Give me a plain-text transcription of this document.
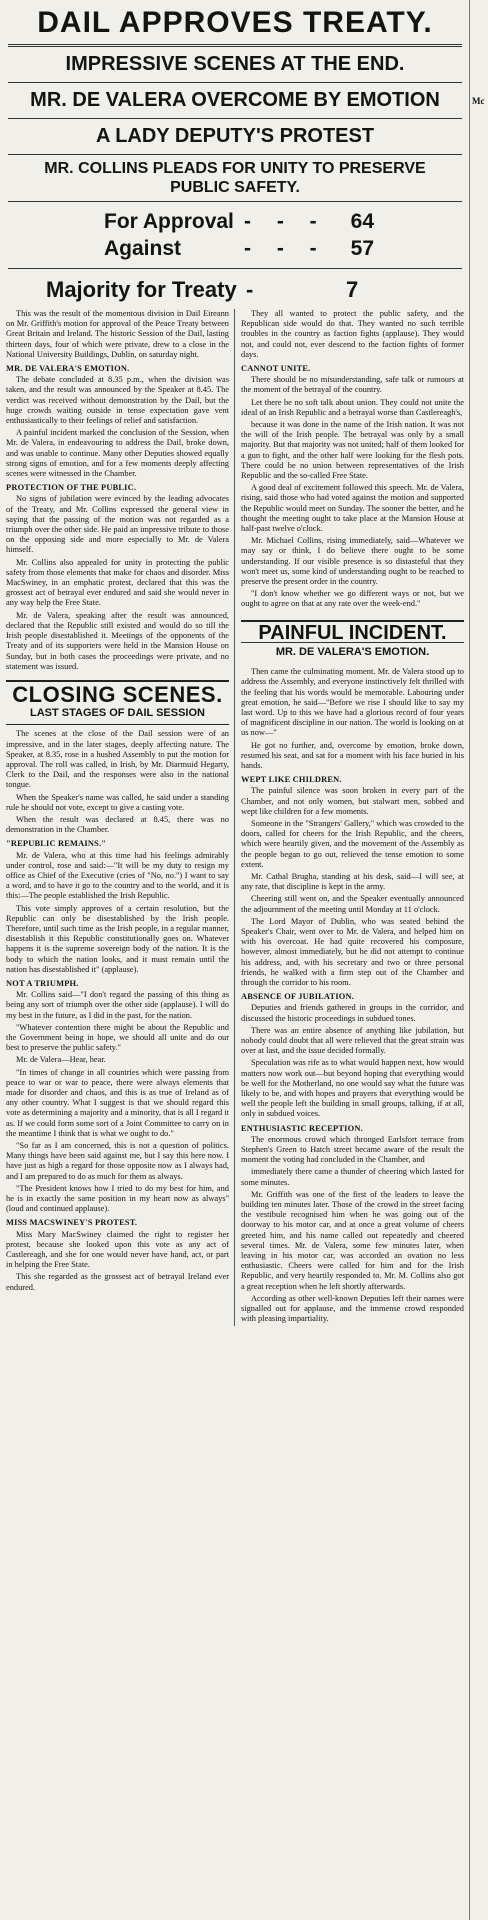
DAIL APPROVES TREATY.
IMPRESSIVE SCENES AT THE END.
MR. DE VALERA OVERCOME BY EMOTION
A LADY DEPUTY'S PROTEST
MR. COLLINS PLEADS FOR UNITY TO PRESERVE PUBLIC SAFETY.
For Approval - - -	64
Against	- - -	57
Majority for Treaty -	7

This was the result of the momentous division in Dail Eireann on Mr. Griffith's motion for approval of the Peace Treaty between Great Britain and Ireland. The historic Session of the Dail, lasting thirteen days, four of which were private, drew to a close in the National University Buildings, Dublin, on saturday night.

MR. DE VALERA'S EMOTION.

The debate concluded at 8.35 p.m., when the division was taken, and the result was announced by the Speaker at 8.45. The verdict was received without demonstration by the Dail, but the huge crowds waiting outside in tense expectation gave vent enthusiastically to their feelings of relief and satisfaction.

A painful incident marked the conclusion of the Session, when Mr. de Valera, in endeavouring to address the Dail, broke down, and was unable to continue. Many other Deputies showed equally strong signs of emotion, and for a few moments deeply affecting scenes were witnessed in the Chamber.

PROTECTION OF THE PUBLIC.

No signs of jubilation were evinced by the leading advocates of the Treaty, and Mr. Collins expressed the general view in saying that the passing of the motion was not regarded as a triumph over the other side. He paid an impressive tribute to those on the opposing side and more especially to Mr. de Valera himself.

Mr. Collins also appealed for unity in protecting the public safety from those elements that make for chaos and disorder. Miss MacSwiney, in an emphatic protest, declared that this was the grossest act of betrayal ever endured and said she would never in any way help the Free State.

Mr. de Valera, speaking after the result was announced, declared that the Republic still existed and would do so till the Irish people disestablished it. Meetings of the opponents of the Treaty and of its supporters were held in the Mansion House on Sunday, but in both cases the proceedings were private, and no statement was issued.

CLOSING SCENES.
LAST STAGES OF DAIL SESSION

The scenes at the close of the Dail session were of an impressive, and in the later stages, deeply affecting nature. The Speaker, at 8.35, rose in a hushed Assembly to put the motion for approval. The roll was called, in Irish, by Mr. Diarmuid Hegarty, Clerk to the Dail, and the responses were also in the national tongue.

When the Speaker's name was called, he said under a standing rule he should not vote, except to give a casting vote.

When the result was declared at 8.45, there was no demonstration in the Chamber.

"REPUBLIC REMAINS."

Mr. de Valera, who at this time had his feelings admirably under control, rose and said:—"It will be my duty to resign my office as Chief of the Executive (cries of "No, no.") I want to say a word, and to have it go to the country and to the world, and it is this:—The people established the Irish Republic.

This vote simply approves of a certain resolution, but the Republic can only be disestablished by the Irish people. Therefore, until such time as the Irish people, in a regular manner, disestablish it this Republic constitutionally goes on. Whatever happens it is the supreme sovereign body of the nation. It is the body to which the nation looks, and it must remain until the nation has disestablished it" (applause).

NOT A TRIUMPH.

Mr. Collins said—"I don't regard the passing of this thing as being any sort of triumph over the other side (applause). I will do my best in the future, as I did in the past, for the nation.

"Whatever contention there might be about the Republic and the Government being in hope, we should all unite and do our best to preserve the public safety."

Mr. de Valera—Hear, hear.

"In times of change in all countries which were passing from peace to war or war to peace, there were always elements that made for disorder and chaos, and this is as true of Ireland as of any other country. What I suggest is that we should regard this vote as determining a majority and a minority, that is all I regard it as. If we could form some sort of a Joint Committee to carry on in the meantime I think that is what we ought to do."

"So far as I am concerned, this is not a question of politics. Many things have been said against me, but I say this here now. I have just as high a regard for those opposite now as I always had, and I am prepared to do as much for them as always.

"The President knows how I tried to do my best for him, and he is in exactly the same position in my heart now as always" (loud and continued applause).

MISS MACSWINEY'S PROTEST.

Miss Mary MacSwiney claimed the right to register her protest, because she looked upon this vote as any act of Castlereagh, and she for one would never have hand, act, or part in helping the Free State.

This she regarded as the grossest act of betrayal Ireland ever endured.

They all wanted to protect the public safety, and the Republican side would do that. They wanted no such terrible troubles in the country as faction fights (applause). They would not, and could not, ever descend to the faction fights of former days.

CANNOT UNITE.

There should be no misunderstanding, safe talk or rumours at the moment of the betrayal of the country.

Let there be no soft talk about union. They could not unite the ideal of an Irish Republic and a betrayal worse than Castlereagh's,

because it was done in the name of the Irish nation. It was not the will of the Irish people. The betrayal was only by a small majority. But that majority was not united; half of them looked for a gun to fight, and the other half were looking for the flesh pots. There could be no union between representatives of the Irish Republic and the so-called Free State.

A good deal of excitement followed this speech. Mr. de Valera, rising, said those who had voted against the motion and supported the Republic would meet on Sunday. The sooner the better, and he thought the meeting ought to take place at the Mansion House at half-past twelve o'clock.

Mr. Michael Collins, rising immediately, said—Whatever we may say or think, I do believe there ought to be some understanding. If our visible presence is so distasteful that they won't meet us, some kind of understanding ought to be reached to preserve the present order in the country.

"I don't know whether we go different ways or not, but we ought to agree on that at any rate over the week-end."

PAINFUL INCIDENT.
MR. DE VALERA'S EMOTION.

Then came the culminating moment. Mr. de Valera stood up to address the Assembly, and everyone instinctively felt thrilled with the feeling that his words would be memorable. Labouring under great emotion, he said—"Before we rise I should like to say my last word. Up to this we have had a glorious record of four years of magnificent discipline in our nation. The world is looking on at us now—"

He got no further, and, overcome by emotion, broke down, resumed his seat, and sat for a moment with his face buried in his hands.

WEPT LIKE CHILDREN.

The painful silence was soon broken in every part of the Chamber, and not only women, but stalwart men, sobbed and wept like children for a few moments.

Someone in the "Strangers' Gallery," which was crowded to the doors, called for cheers for the Irish Republic, and the cheers, which were heartily given, and the movement of the Assembly as the people began to go out, relieved the tense emotion to some extent.

Mr. Cathal Brugha, standing at his desk, said—I will see, at any rate, that discipline is kept in the army.

Cheering still went on, and the Speaker eventually announced the adjournment of the meeting until Monday at 11 o'clock.

The Lord Mayor of Dublin, who was seated behind the Speaker's Chair, went over to Mr. de Valera, and helped him on with his overcoat. He had quite recovered his composure, however, almost immediately, but he did not attempt to continue his address, and, with his secretary and two or three personal friends, he walked with a firm step out of the Chamber and through the corridor to his room.

ABSENCE OF JUBILATION.

Deputies and friends gathered in groups in the corridor, and discussed the historic proceedings in subdued tones.

There was an entire absence of anything like jubilation, but nobody could doubt that all were relieved that the great strain was over at last, and the issue decided formally.

Speculation was rife as to what would happen next, how would matters now work out—but beyond hoping that everything would be well for the Motherland, no one would say what the future was likely to be, and with hopes and prayers that everything would be well the people left the building in small groups, talking, if at all, only in subdued voices.

ENTHUSIASTIC RECEPTION.

The enormous crowd which thronged Earlsfort terrace from Stephen's Green to Hatch street became aware of the result the moment the voting had concluded in the Chamber, and

immediately there came a thunder of cheering which lasted for some minutes.

Mr. Griffith was one of the first of the leaders to leave the building ten minutes later. Those of the crowd in the street facing the vestibule recognised him when he was going out of the doorway to his motor car, and at once a great volume of cheers greeted him, and his name called out repeatedly and cheered several times. Mr. de Valera, some few minutes later, when leaving in his motor car, was accorded an ovation no less enthusiastic. Cheers were called for him and for the Irish Republic, and very heartily responded to. Mr. M. Collins also got a great reception when he left shortly afterwards.

According as other well-known Deputies left their names were signalled out for applause, and the immense crowd responded with pleasing impartiality.

Mc
